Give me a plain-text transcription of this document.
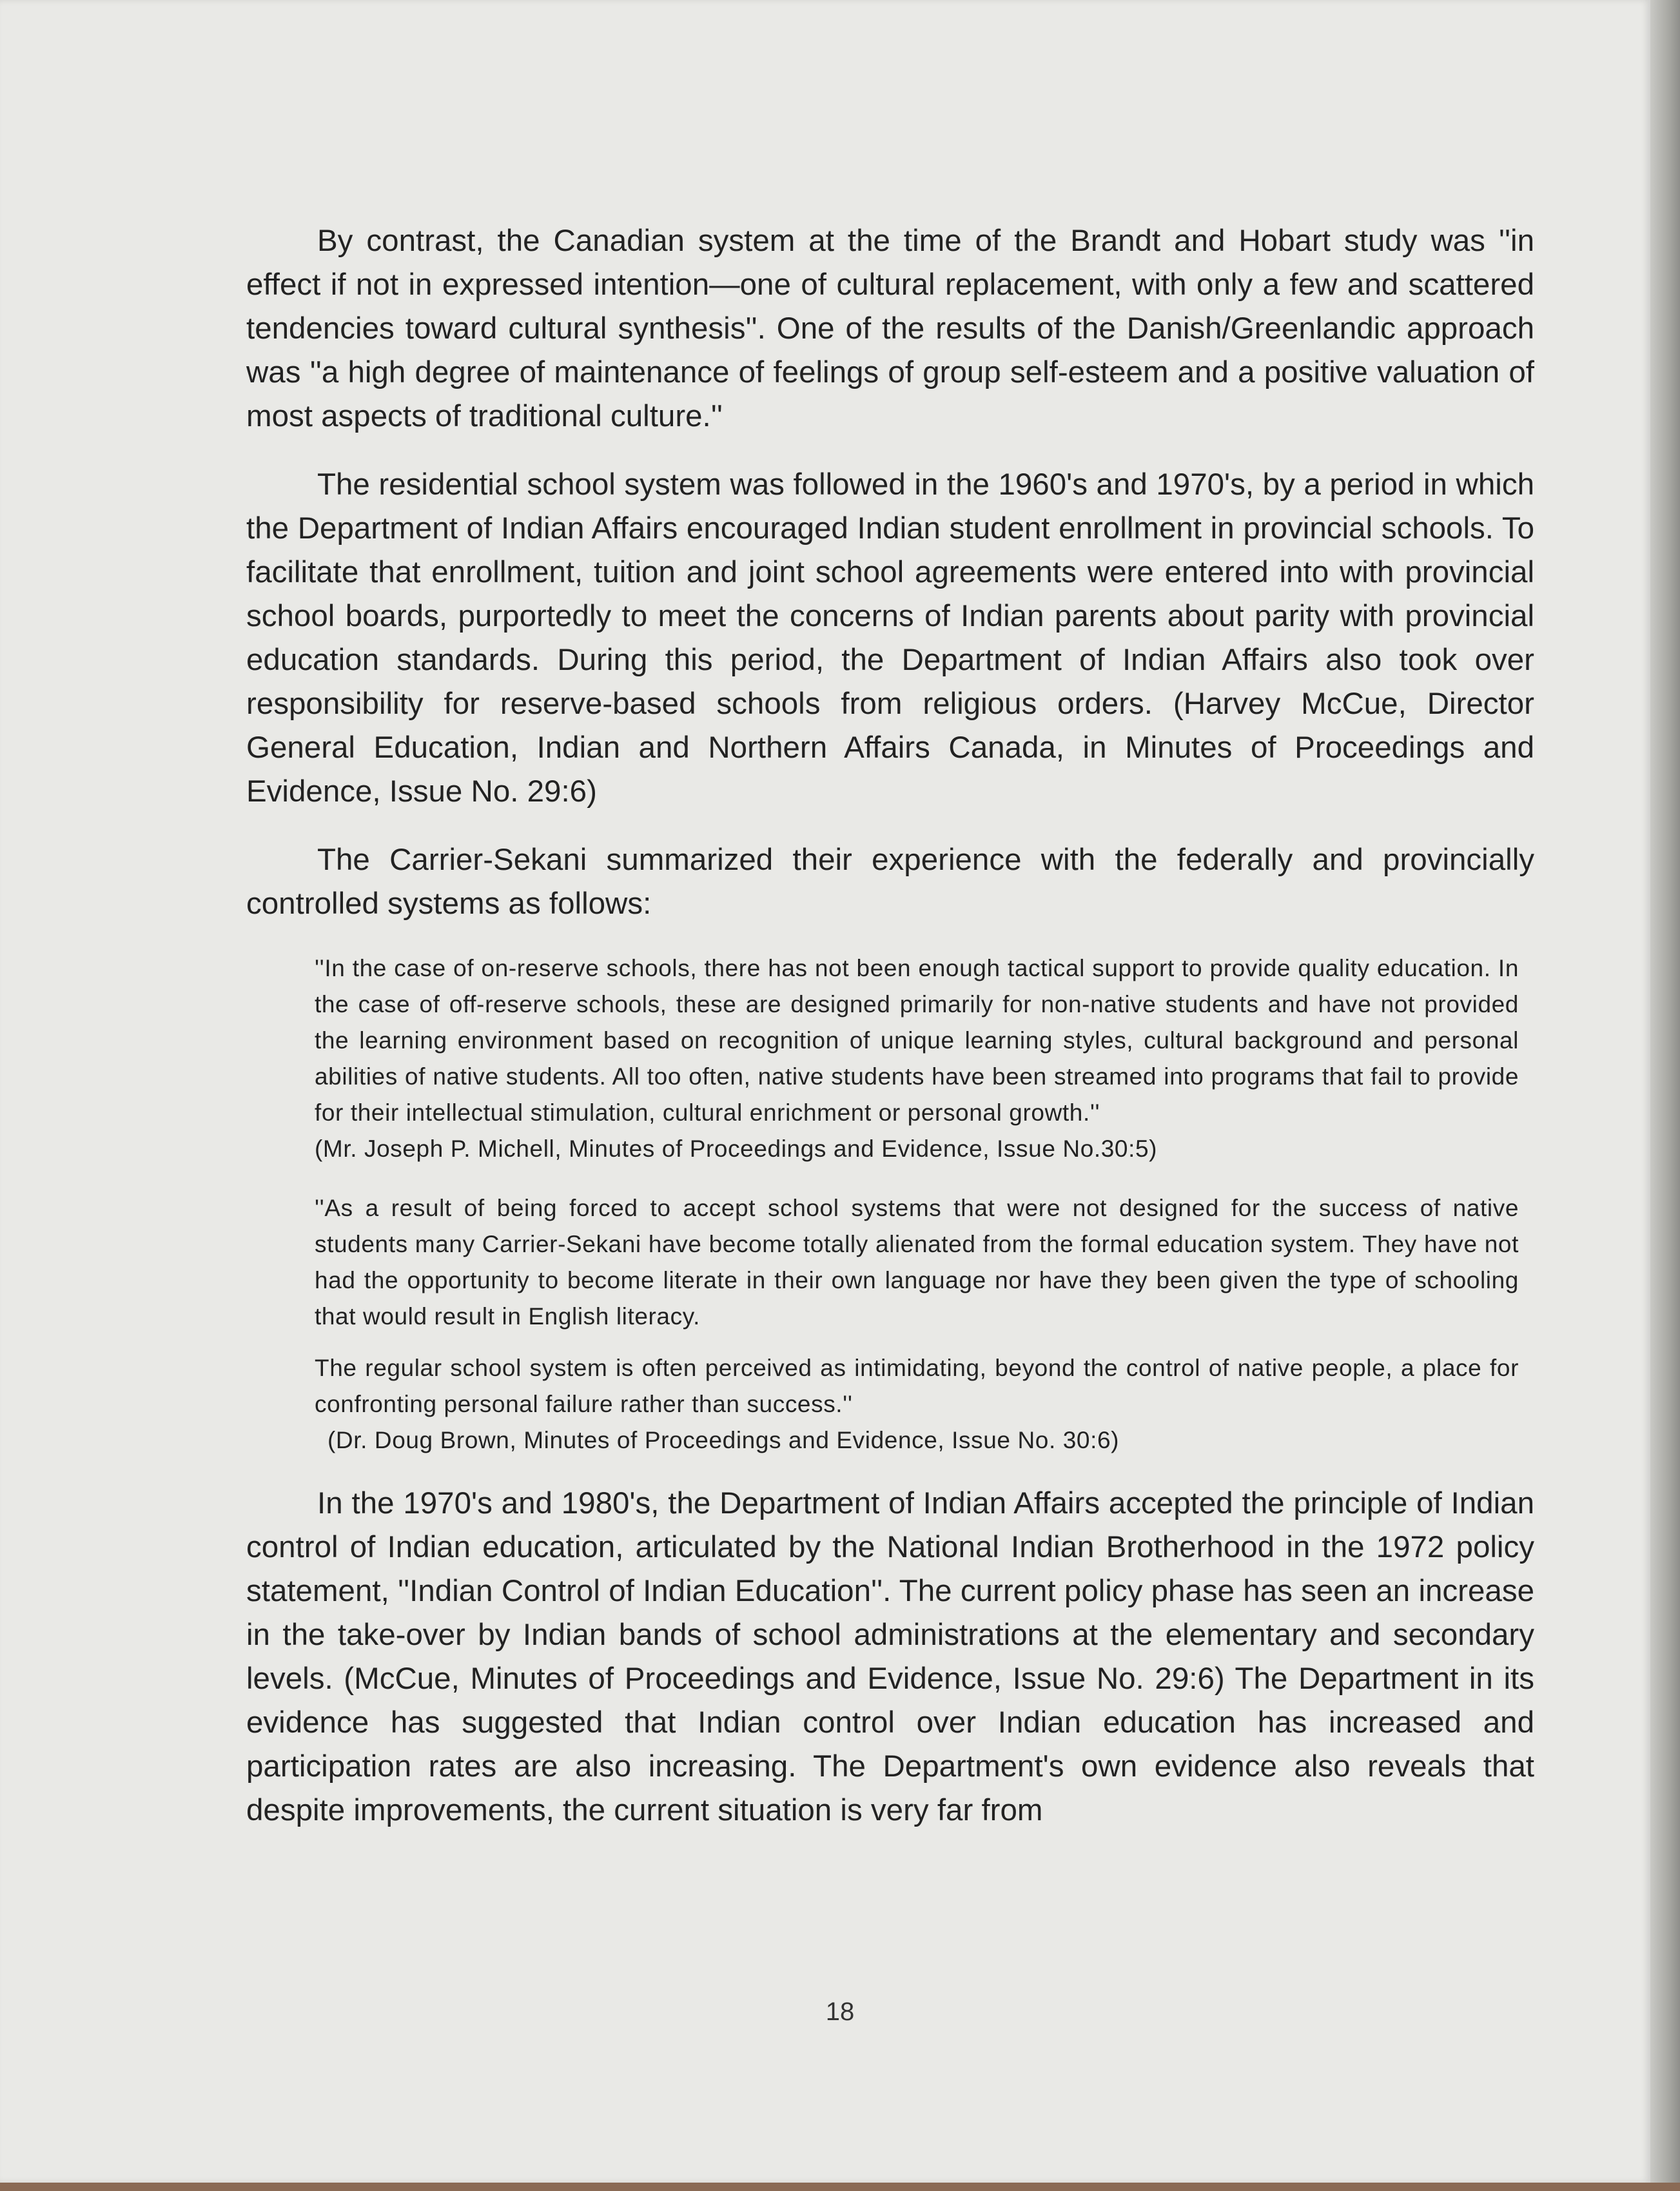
By contrast, the Canadian system at the time of the Brandt and Hobart study was ''in effect if not in expressed intention—one of cultural replacement, with only a few and scattered tendencies toward cultural synthesis''. One of the results of the Danish/Greenlandic approach was ''a high degree of maintenance of feelings of group self-esteem and a positive valuation of most aspects of traditional culture.''

The residential school system was followed in the 1960's and 1970's, by a period in which the Department of Indian Affairs encouraged Indian student enrollment in provincial schools. To facilitate that enrollment, tuition and joint school agreements were entered into with provincial school boards, purportedly to meet the concerns of Indian parents about parity with provincial education standards. During this period, the Department of Indian Affairs also took over responsibility for reserve-based schools from religious orders. (Harvey McCue, Director General Education, Indian and Northern Affairs Canada, in Minutes of Proceedings and Evidence, Issue No. 29:6)

The Carrier-Sekani summarized their experience with the federally and provincially controlled systems as follows:

''In the case of on-reserve schools, there has not been enough tactical support to provide quality education. In the case of off-reserve schools, these are designed primarily for non-native students and have not provided the learning environment based on recognition of unique learning styles, cultural background and personal abilities of native students. All too often, native students have been streamed into programs that fail to provide for their intellectual stimulation, cultural enrichment or personal growth.''

(Mr. Joseph P. Michell, Minutes of Proceedings and Evidence, Issue No.30:5)

''As a result of being forced to accept school systems that were not designed for the success of native students many Carrier-Sekani have become totally alienated from the formal education system. They have not had the opportunity to become literate in their own language nor have they been given the type of schooling that would result in English literacy.

The regular school system is often perceived as intimidating, beyond the control of native people, a place for confronting personal failure rather than success.''

(Dr. Doug Brown, Minutes of Proceedings and Evidence, Issue No. 30:6)

In the 1970's and 1980's, the Department of Indian Affairs accepted the principle of Indian control of Indian education, articulated by the National Indian Brotherhood in the 1972 policy statement, ''Indian Control of Indian Education''. The current policy phase has seen an increase in the take-over by Indian bands of school administrations at the elementary and secondary levels. (McCue, Minutes of Proceedings and Evidence, Issue No. 29:6) The Department in its evidence has suggested that Indian control over Indian education has increased and participation rates are also increasing. The Department's own evidence also reveals that despite improvements, the current situation is very far from

18
